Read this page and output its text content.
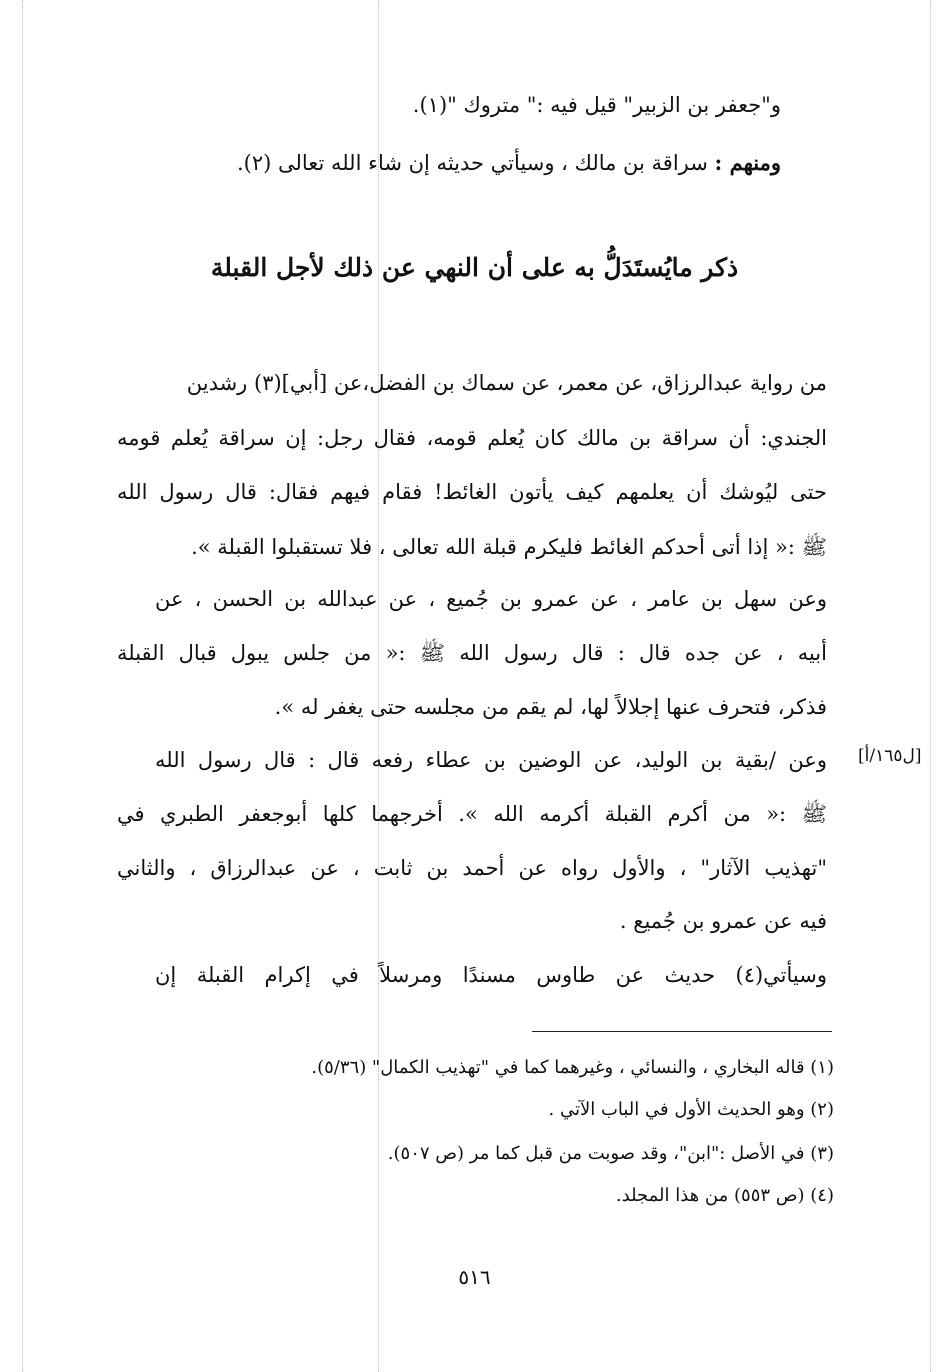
و"جعفر بن الزبير" قيل فيه :" متروك "(١).
ومنهم : سراقة بن مالك ، وسيأتي حديثه إن شاء الله تعالى (٢).
ذكر مايُستَدَلُّ به على أن النهي عن ذلك لأجل القبلة
من رواية عبدالرزاق، عن معمر، عن سماك بن الفضل،عن [أبي](٣) رشدين
الجندي: أن سراقة بن مالك كان يُعلم قومه، فقال رجل: إن سراقة يُعلم قومه
حتى ليُوشك أن يعلمهم كيف يأتون الغائط! فقام فيهم فقال: قال رسول الله
ﷺ :« إذا أتى أحدكم الغائط فليكرم قبلة الله تعالى ، فلا تستقبلوا القبلة ».
وعن سهل بن عامر ، عن عمرو بن جُميع ، عن عبدالله بن الحسن ، عن
أبيه ، عن جده قال : قال رسول الله ﷺ :« من جلس يبول قبال القبلة
فذكر، فتحرف عنها إجلالاً لها، لم يقم من مجلسه حتى يغفر له ».
وعن /بقية بن الوليد، عن الوضين بن عطاء رفعه قال : قال رسول الله
ﷺ :« من أكرم القبلة أكرمه الله ». أخرجهما كلها أبوجعفر الطبري في
"تهذيب الآثار" ، والأول رواه عن أحمد بن ثابت ، عن عبدالرزاق ، والثاني
فيه عن عمرو بن جُميع .
وسيأتي(٤) حديث عن طاوس مسندًا ومرسلاً في إكرام القبلة إن
[ل١٦٥/أ]
(١) قاله البخاري ، والنسائي ، وغيرهما كما في "تهذيب الكمال" (٥/٣٦).
(٢) وهو الحديث الأول في الباب الآتي .
(٣) في الأصل :"ابن"، وقد صوبت من قبل كما مر (ص ٥٠٧).
(٤) (ص ٥٥٣) من هذا المجلد.
٥١٦
